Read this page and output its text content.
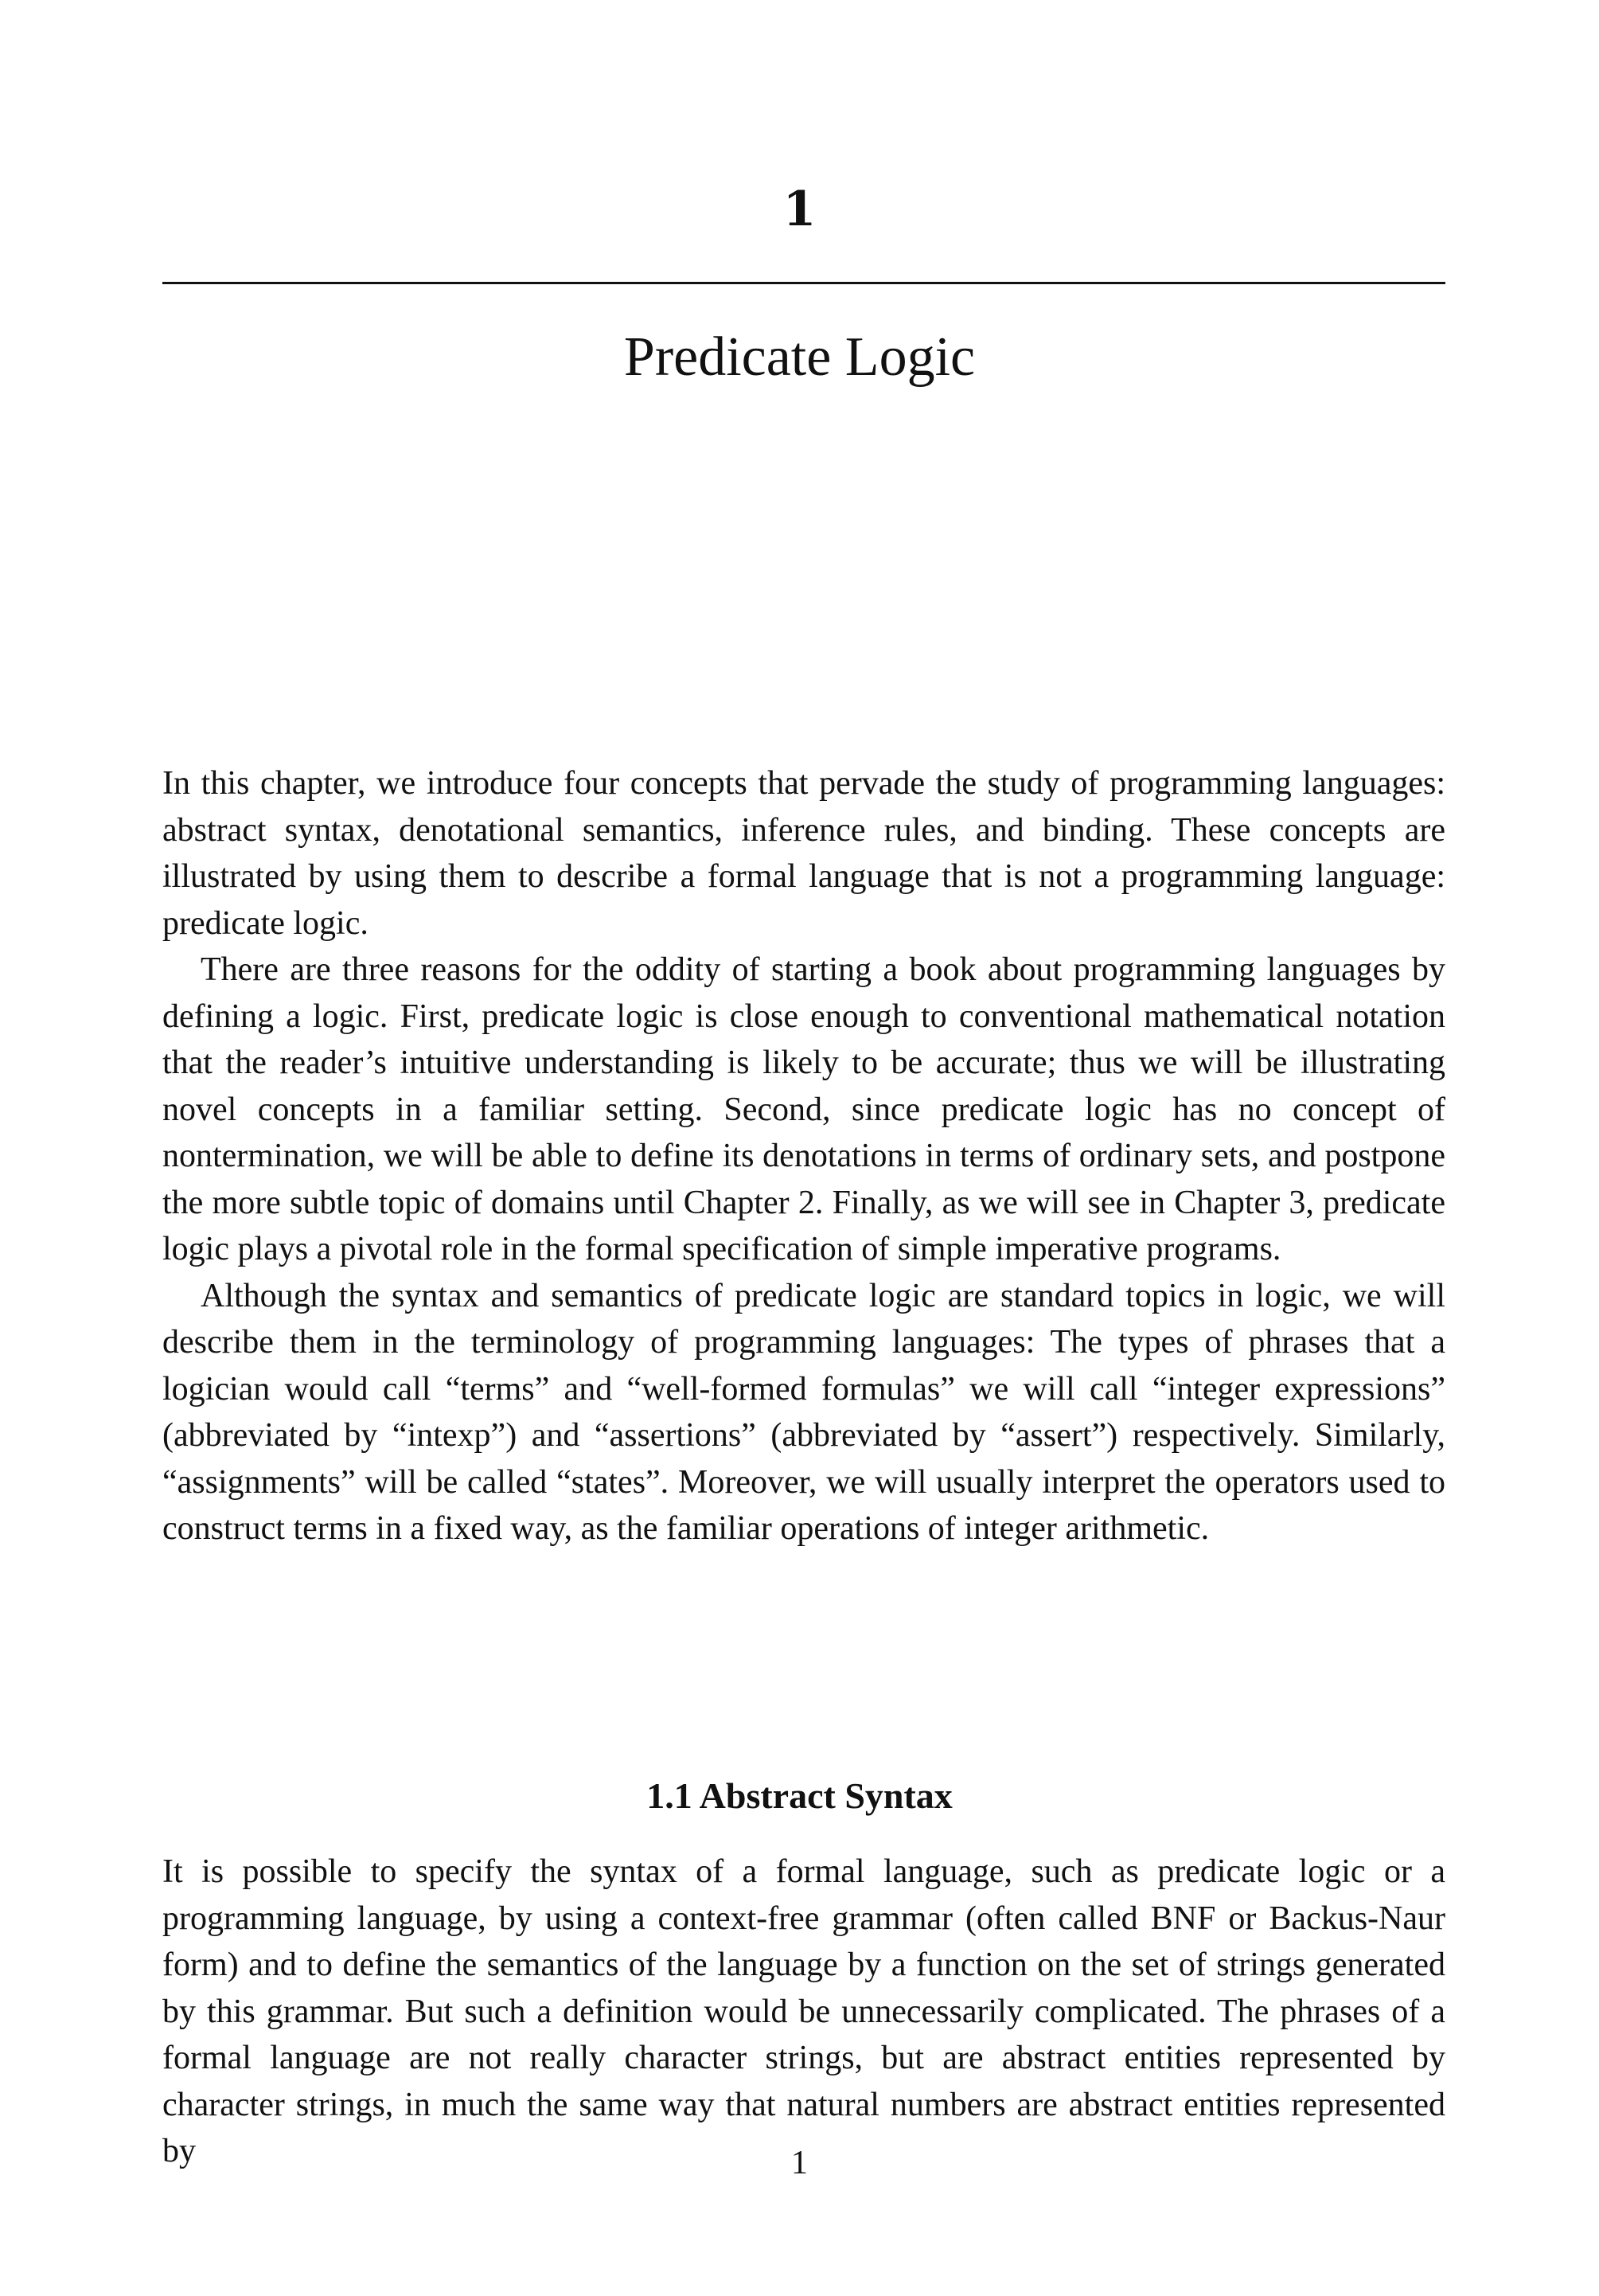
1
Predicate Logic

In this chapter, we introduce four concepts that pervade the study of programming languages: abstract syntax, denotational semantics, inference rules, and binding. These concepts are illustrated by using them to describe a formal language that is not a programming language: predicate logic.

There are three reasons for the oddity of starting a book about programming languages by defining a logic. First, predicate logic is close enough to conventional mathematical notation that the reader’s intuitive understanding is likely to be accurate; thus we will be illustrating novel concepts in a familiar setting. Second, since predicate logic has no concept of nontermination, we will be able to define its denotations in terms of ordinary sets, and postpone the more subtle topic of domains until Chapter 2. Finally, as we will see in Chapter 3, predicate logic plays a pivotal role in the formal specification of simple imperative programs.

Although the syntax and semantics of predicate logic are standard topics in logic, we will describe them in the terminology of programming languages: The types of phrases that a logician would call “terms” and “well-formed formulas” we will call “integer expressions” (abbreviated by “intexp”) and “assertions” (abbreviated by “assert”) respectively. Similarly, “assignments” will be called “states”. Moreover, we will usually interpret the operators used to construct terms in a fixed way, as the familiar operations of integer arithmetic.

1.1 Abstract Syntax

It is possible to specify the syntax of a formal language, such as predicate logic or a programming language, by using a context-free grammar (often called BNF or Backus-Naur form) and to define the semantics of the language by a function on the set of strings generated by this grammar. But such a definition would be unnecessarily complicated. The phrases of a formal language are not really character strings, but are abstract entities represented by character strings, in much the same way that natural numbers are abstract entities represented by	1
